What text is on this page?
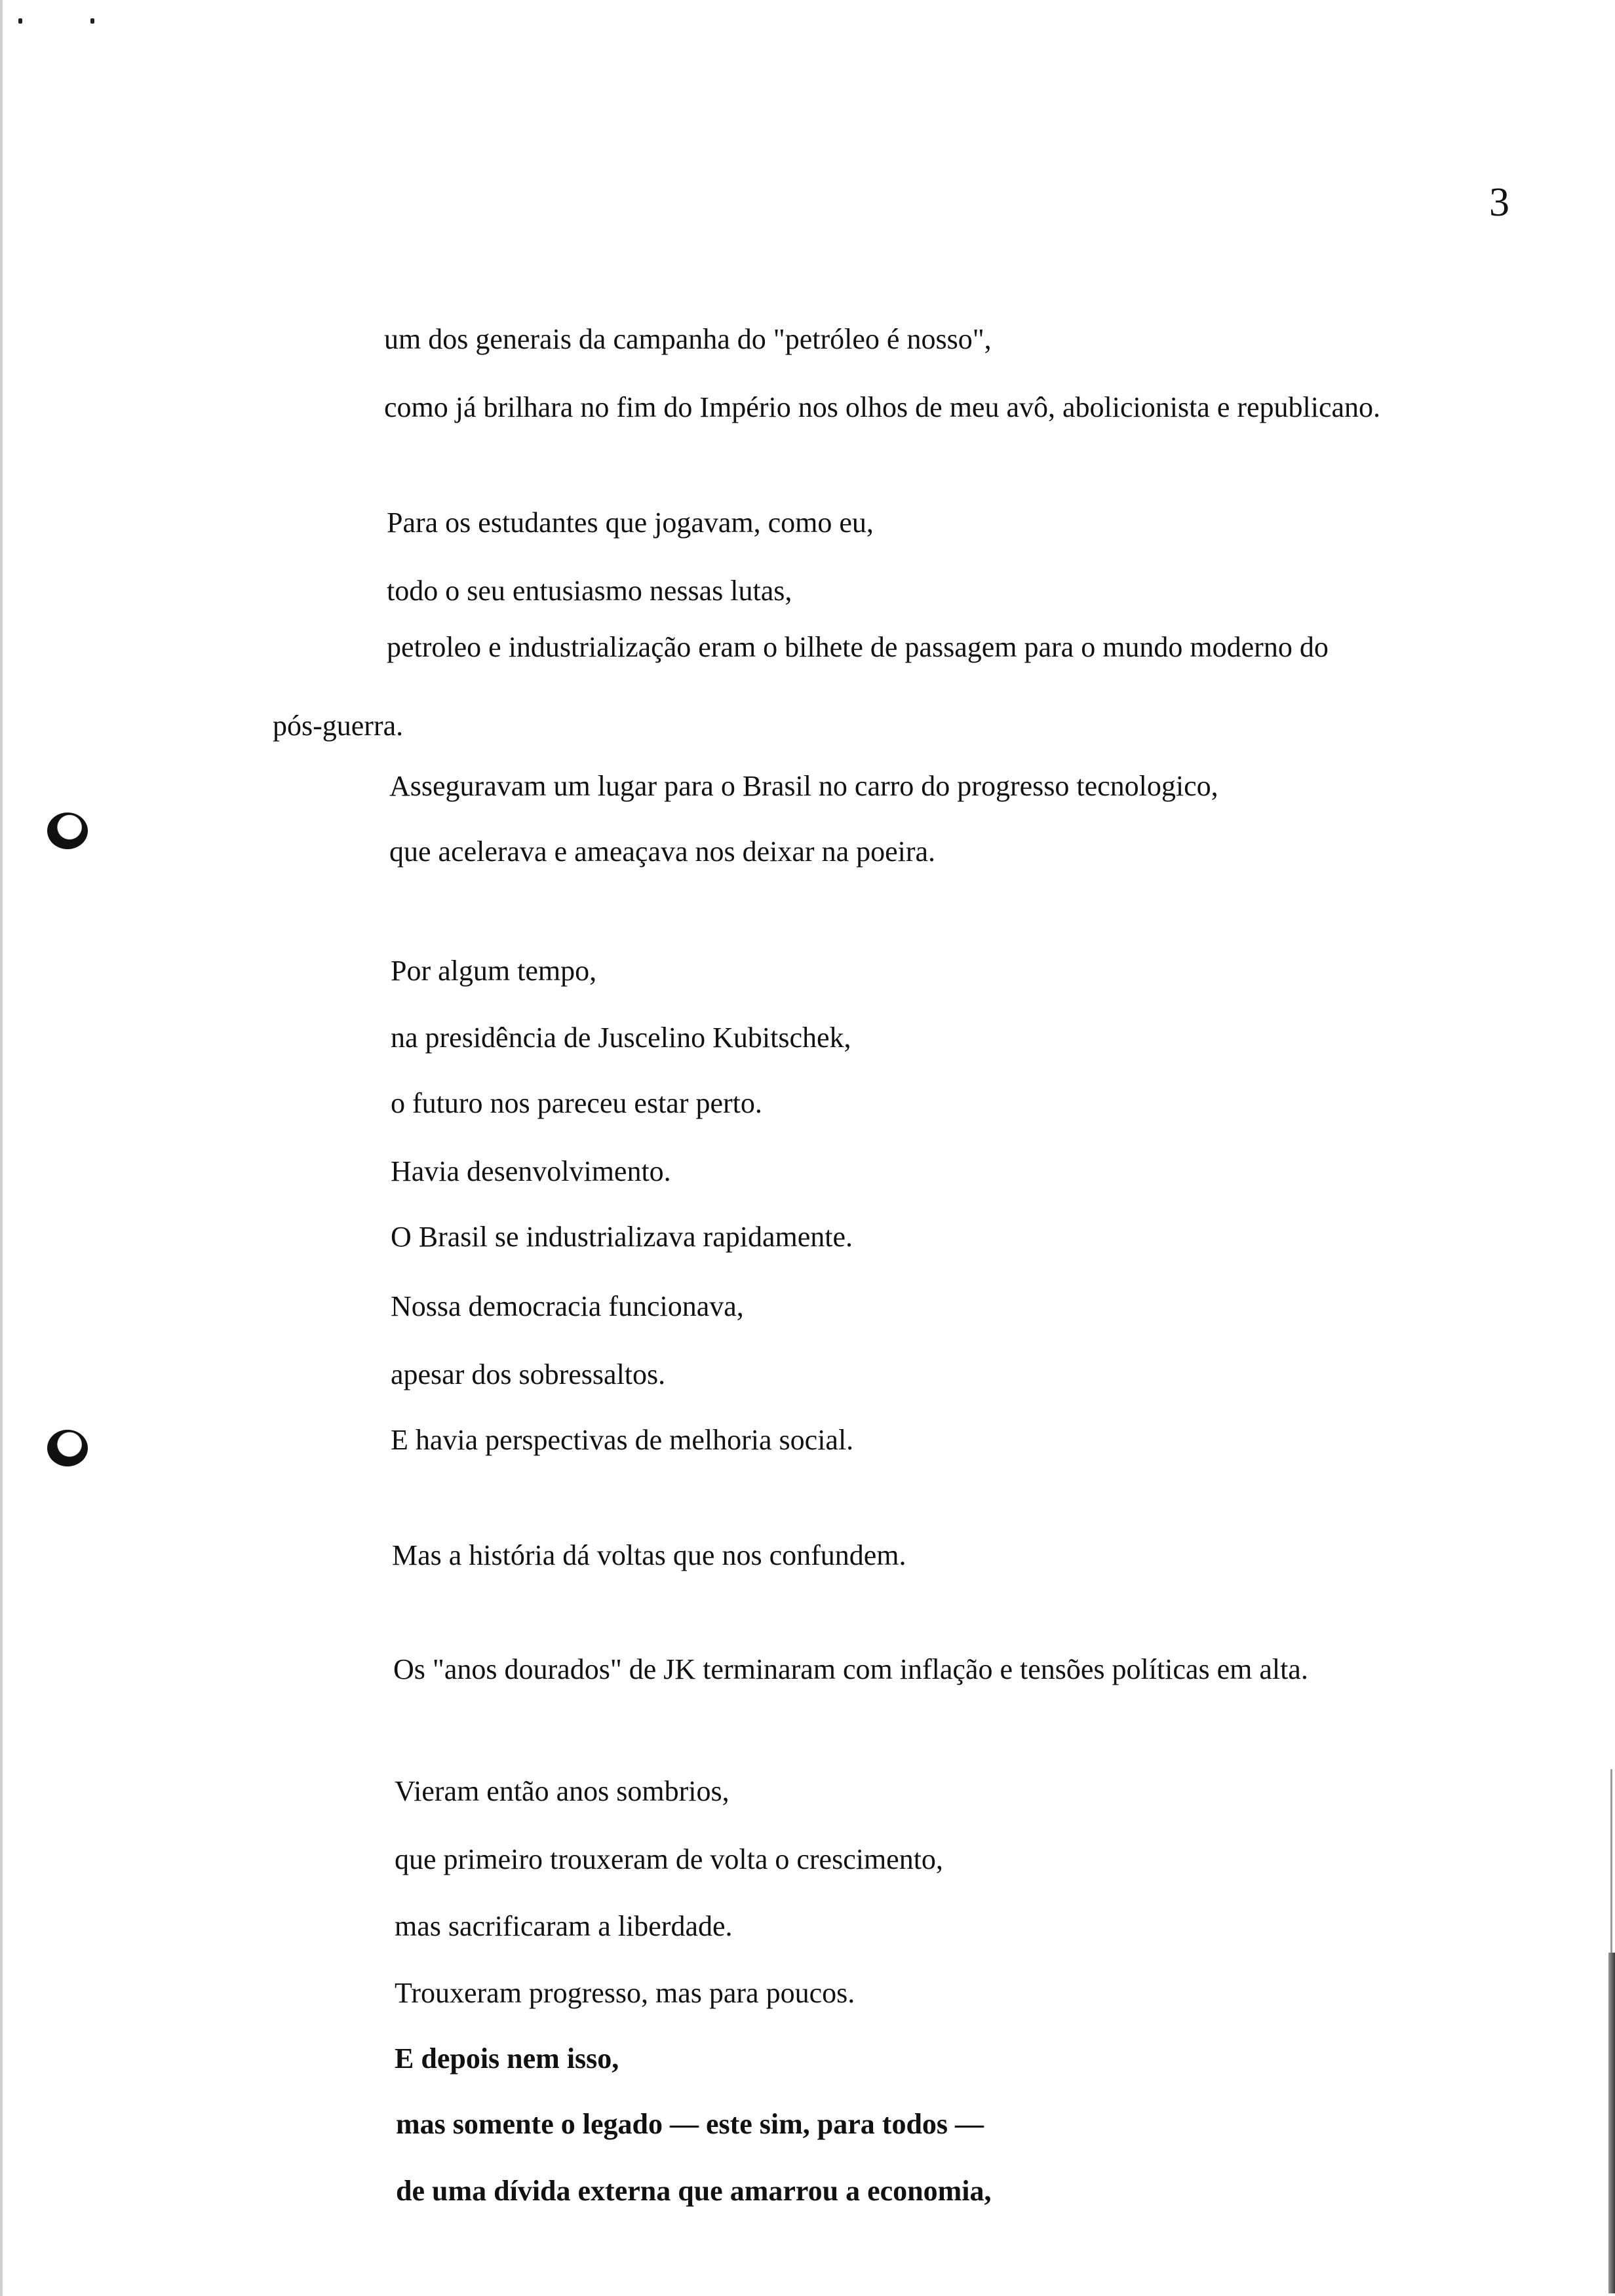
3
um dos generais da campanha do "petróleo é nosso",
como já brilhara no fim do Império nos olhos de meu avô, abolicionista e republicano.
Para os estudantes que jogavam, como eu,
todo o seu entusiasmo nessas lutas,
petroleo e industrialização eram o bilhete de passagem para o mundo moderno do
pós-guerra.
Asseguravam um lugar para o Brasil no carro do progresso tecnologico,
que acelerava e ameaçava nos deixar na poeira.
Por algum tempo,
na presidência de Juscelino Kubitschek,
o futuro nos pareceu estar perto.
Havia desenvolvimento.
O Brasil se industrializava rapidamente.
Nossa democracia funcionava,
apesar dos sobressaltos.
E havia perspectivas de melhoria social.
Mas a história dá voltas que nos confundem.
Os "anos dourados" de JK terminaram com inflação e tensões políticas em alta.
Vieram então anos sombrios,
que primeiro trouxeram de volta o crescimento,
mas sacrificaram a liberdade.
Trouxeram progresso, mas para poucos.
E depois nem isso,
mas somente o legado — este sim, para todos —
de uma dívida externa que amarrou a economia,
